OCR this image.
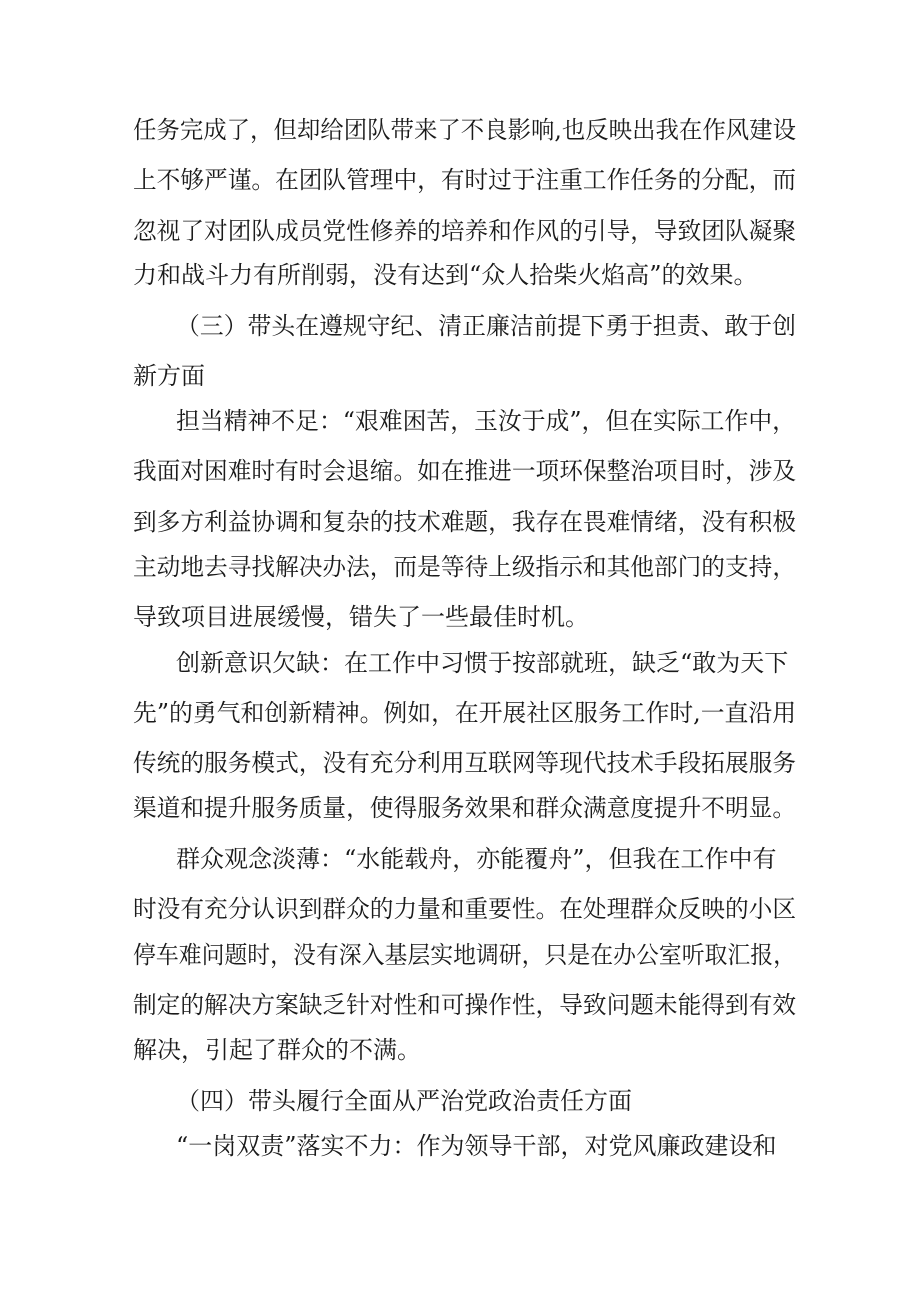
任务完成了，但却给团队带来了不良影响,也反映出我在作风建设
上不够严谨。在团队管理中，有时过于注重工作任务的分配，而
忽视了对团队成员党性修养的培养和作风的引导，导致团队凝聚
力和战斗力有所削弱，没有达到“众人拾柴火焰高”的效果。
（三）带头在遵规守纪、清正廉洁前提下勇于担责、敢于创
新方面
担当精神不足：“艰难困苦，玉汝于成”，但在实际工作中，
我面对困难时有时会退缩。如在推进一项环保整治项目时，涉及
到多方利益协调和复杂的技术难题，我存在畏难情绪，没有积极
主动地去寻找解决办法，而是等待上级指示和其他部门的支持，
导致项目进展缓慢，错失了一些最佳时机。
创新意识欠缺：在工作中习惯于按部就班，缺乏“敢为天下
先”的勇气和创新精神。例如，在开展社区服务工作时,一直沿用
传统的服务模式，没有充分利用互联网等现代技术手段拓展服务
渠道和提升服务质量，使得服务效果和群众满意度提升不明显。
群众观念淡薄：“水能载舟，亦能覆舟”，但我在工作中有
时没有充分认识到群众的力量和重要性。在处理群众反映的小区
停车难问题时，没有深入基层实地调研，只是在办公室听取汇报，
制定的解决方案缺乏针对性和可操作性，导致问题未能得到有效
解决，引起了群众的不满。
（四）带头履行全面从严治党政治责任方面
“一岗双责”落实不力：作为领导干部，对党风廉政建设和
